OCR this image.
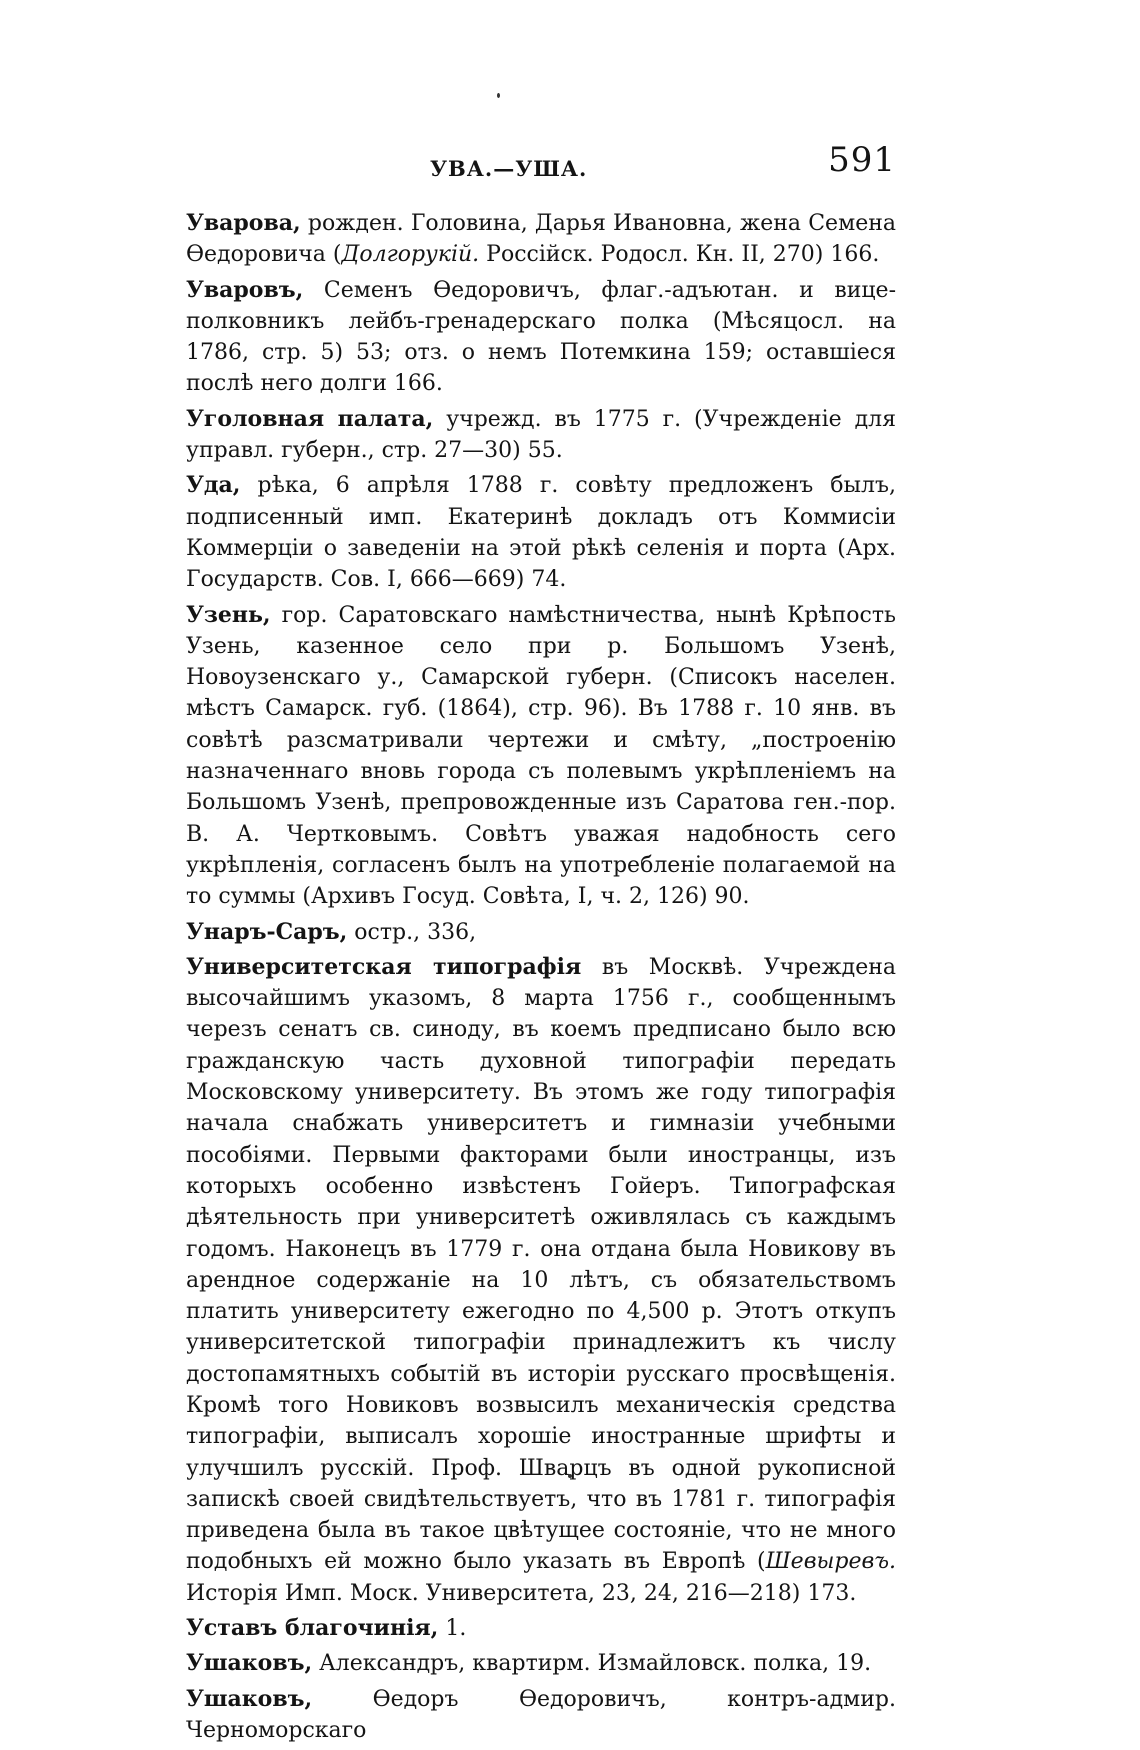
УВА.—УША.	591

Уварова, рожден. Головина, Дарья Ивановна, жена Семена Өедоровича (Долгорукій. Россійск. Родосл. Кн. II, 270) 166.

Уваровъ, Семенъ Өедоровичъ, флаг.-адъютан. и вице-полковникъ лейбъ-гренадерскаго полка (Мѣсяцосл. на 1786, стр. 5) 53; отз. о немъ Потемкина 159; оставшіеся послѣ него долги 166.

Уголовная палата, учрежд. въ 1775 г. (Учрежденіе для управл. губерн., стр. 27—30) 55.

Уда, рѣка, 6 апрѣля 1788 г. совѣту предложенъ былъ, подписенный имп. Екатеринѣ докладъ отъ Коммисіи Коммерціи о заведеніи на этой рѣкѣ селенія и порта (Арх. Государств. Сов. I, 666—669) 74.

Узень, гор. Саратовскаго намѣстничества, нынѣ Крѣпость Узень, казенное село при р. Большомъ Узенѣ, Новоузенскаго у., Самарской губерн. (Списокъ населен. мѣстъ Самарск. губ. (1864), стр. 96). Въ 1788 г. 10 янв. въ совѣтѣ разсматривали чертежи и смѣту, „построенію назначеннаго вновь города съ полевымъ укрѣпленіемъ на Большомъ Узенѣ, препровожденные изъ Саратова ген.-пор. В. А. Чертковымъ. Совѣтъ уважая надобность сего укрѣпленія, согласенъ былъ на употребленіе полагаемой на то суммы (Архивъ Госуд. Совѣта, I, ч. 2, 126) 90.

Унаръ-Саръ, остр., 336,

Университетская типографія въ Москвѣ. Учреждена высочайшимъ указомъ, 8 марта 1756 г., сообщеннымъ черезъ сенатъ св. синоду, въ коемъ предписано было всю гражданскую часть духовной типографіи передать Московскому университету. Въ этомъ же году типографія начала снабжать университетъ и гимназіи учебными пособіями. Первыми факторами были иностранцы, изъ которыхъ особенно извѣстенъ Гойеръ. Типографская дѣятельность при университетѣ оживлялась съ каждымъ годомъ. Наконецъ въ 1779 г. она отдана была Новикову въ арендное содержаніе на 10 лѣтъ, съ обязательствомъ платить университету ежегодно по 4,500 р. Этотъ откупъ университетской типографіи принадлежитъ къ числу достопамятныхъ событій въ исторіи русскаго просвѣщенія. Кромѣ того Новиковъ возвысилъ механическія средства типографіи, выписалъ хорошіе иностранные шрифты и улучшилъ русскій. Проф. Шварцъ въ одной рукописной запискѣ своей свидѣтельствуетъ, что въ 1781 г. типографія приведена была въ такое цвѣтущее состояніе, что не много подобныхъ ей можно было указать въ Европѣ (Шевыревъ. Исторія Имп. Моск. Университета, 23, 24, 216—218) 173.

Уставъ благочинія, 1.

Ушаковъ, Александръ, квартирм. Измайловск. полка, 19.

Ушаковъ, Өедоръ Өедоровичъ, контръ-адмир. Черноморскаго
